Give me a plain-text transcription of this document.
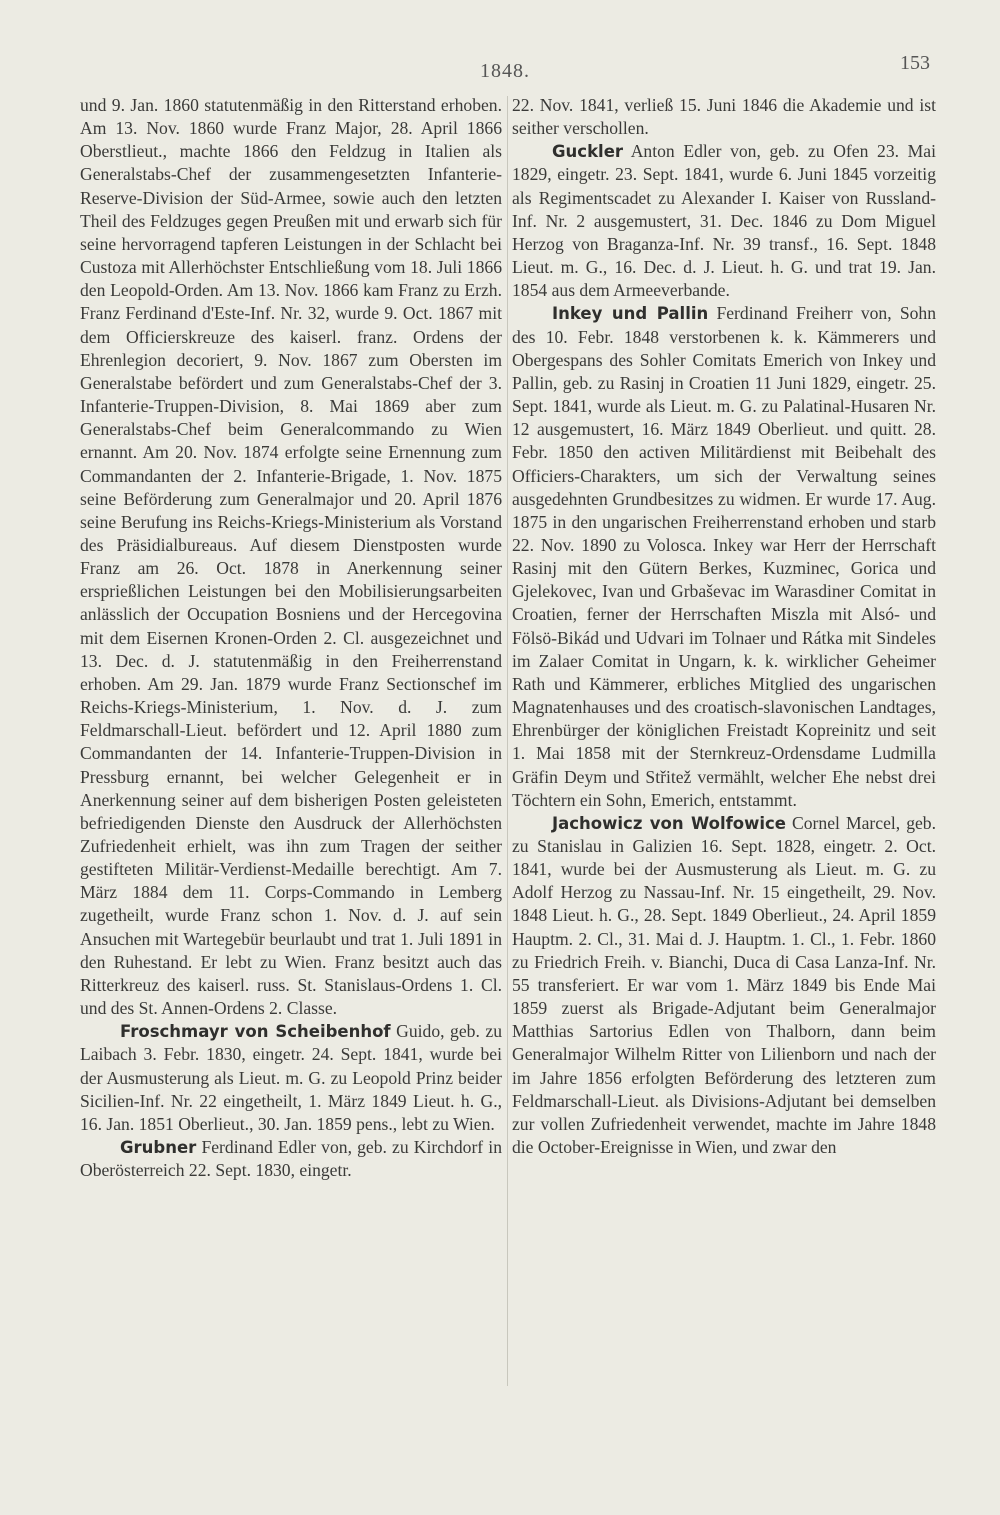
1848.	153

und 9. Jan. 1860 statutenmäßig in den Ritterstand erhoben. Am 13. Nov. 1860 wurde Franz Major, 28. April 1866 Oberstlieut., machte 1866 den Feldzug in Italien als Generalstabs-Chef der zusammengesetzten Infanterie-Reserve-Division der Süd-Armee, sowie auch den letzten Theil des Feldzuges gegen Preußen mit und erwarb sich für seine hervorragend tapferen Leistungen in der Schlacht bei Custoza mit Allerhöchster Entschließung vom 18. Juli 1866 den Leopold-Orden. Am 13. Nov. 1866 kam Franz zu Erzh. Franz Ferdinand d'Este-Inf. Nr. 32, wurde 9. Oct. 1867 mit dem Officierskreuze des kaiserl. franz. Ordens der Ehrenlegion decoriert, 9. Nov. 1867 zum Obersten im Generalstabe befördert und zum Generalstabs-Chef der 3. Infanterie-Truppen-Division, 8. Mai 1869 aber zum Generalstabs-Chef beim Generalcommando zu Wien ernannt. Am 20. Nov. 1874 erfolgte seine Ernennung zum Commandanten der 2. Infanterie-Brigade, 1. Nov. 1875 seine Beförderung zum Generalmajor und 20. April 1876 seine Berufung ins Reichs-Kriegs-Ministerium als Vorstand des Präsidialbureaus. Auf diesem Dienstposten wurde Franz am 26. Oct. 1878 in Anerkennung seiner ersprießlichen Leistungen bei den Mobilisierungsarbeiten anlässlich der Occupation Bosniens und der Hercegovina mit dem Eisernen Kronen-Orden 2. Cl. ausgezeichnet und 13. Dec. d. J. statutenmäßig in den Freiherrenstand erhoben. Am 29. Jan. 1879 wurde Franz Sectionschef im Reichs-Kriegs-Ministerium, 1. Nov. d. J. zum Feldmarschall-Lieut. befördert und 12. April 1880 zum Commandanten der 14. Infanterie-Truppen-Division in Pressburg ernannt, bei welcher Gelegenheit er in Anerkennung seiner auf dem bisherigen Posten geleisteten befriedigenden Dienste den Ausdruck der Allerhöchsten Zufriedenheit erhielt, was ihn zum Tragen der seither gestifteten Militär-Verdienst-Medaille berechtigt. Am 7. März 1884 dem 11. Corps-Commando in Lemberg zugetheilt, wurde Franz schon 1. Nov. d. J. auf sein Ansuchen mit Wartegebür beurlaubt und trat 1. Juli 1891 in den Ruhestand. Er lebt zu Wien. Franz besitzt auch das Ritterkreuz des kaiserl. russ. St. Stanislaus-Ordens 1. Cl. und des St. Annen-Ordens 2. Classe.

Froschmayr von Scheibenhof Guido, geb. zu Laibach 3. Febr. 1830, eingetr. 24. Sept. 1841, wurde bei der Ausmusterung als Lieut. m. G. zu Leopold Prinz beider Sicilien-Inf. Nr. 22 eingetheilt, 1. März 1849 Lieut. h. G., 16. Jan. 1851 Oberlieut., 30. Jan. 1859 pens., lebt zu Wien.

Grubner Ferdinand Edler von, geb. zu Kirchdorf in Oberösterreich 22. Sept. 1830, eingetr.

22. Nov. 1841, verließ 15. Juni 1846 die Akademie und ist seither verschollen.

Guckler Anton Edler von, geb. zu Ofen 23. Mai 1829, eingetr. 23. Sept. 1841, wurde 6. Juni 1845 vorzeitig als Regimentscadet zu Alexander I. Kaiser von Russland-Inf. Nr. 2 ausgemustert, 31. Dec. 1846 zu Dom Miguel Herzog von Braganza-Inf. Nr. 39 transf., 16. Sept. 1848 Lieut. m. G., 16. Dec. d. J. Lieut. h. G. und trat 19. Jan. 1854 aus dem Armeeverbande.

Inkey und Pallin Ferdinand Freiherr von, Sohn des 10. Febr. 1848 verstorbenen k. k. Kämmerers und Obergespans des Sohler Comitats Emerich von Inkey und Pallin, geb. zu Rasinj in Croatien 11 Juni 1829, eingetr. 25. Sept. 1841, wurde als Lieut. m. G. zu Palatinal-Husaren Nr. 12 ausgemustert, 16. März 1849 Oberlieut. und quitt. 28. Febr. 1850 den activen Militärdienst mit Beibehalt des Officiers-Charakters, um sich der Verwaltung seines ausgedehnten Grundbesitzes zu widmen. Er wurde 17. Aug. 1875 in den ungarischen Freiherrenstand erhoben und starb 22. Nov. 1890 zu Volosca. Inkey war Herr der Herrschaft Rasinj mit den Gütern Berkes, Kuzminec, Gorica und Gjelekovec, Ivan und Grbaševac im Warasdiner Comitat in Croatien, ferner der Herrschaften Miszla mit Alsó- und Fölsö-Bikád und Udvari im Tolnaer und Rátka mit Sindeles im Zalaer Comitat in Ungarn, k. k. wirklicher Geheimer Rath und Kämmerer, erbliches Mitglied des ungarischen Magnatenhauses und des croatisch-slavonischen Landtages, Ehrenbürger der königlichen Freistadt Kopreinitz und seit 1. Mai 1858 mit der Sternkreuz-Ordensdame Ludmilla Gräfin Deym und Střitež vermählt, welcher Ehe nebst drei Töchtern ein Sohn, Emerich, entstammt.

Jachowicz von Wolfowice Cornel Marcel, geb. zu Stanislau in Galizien 16. Sept. 1828, eingetr. 2. Oct. 1841, wurde bei der Ausmusterung als Lieut. m. G. zu Adolf Herzog zu Nassau-Inf. Nr. 15 eingetheilt, 29. Nov. 1848 Lieut. h. G., 28. Sept. 1849 Oberlieut., 24. April 1859 Hauptm. 2. Cl., 31. Mai d. J. Hauptm. 1. Cl., 1. Febr. 1860 zu Friedrich Freih. v. Bianchi, Duca di Casa Lanza-Inf. Nr. 55 transferiert. Er war vom 1. März 1849 bis Ende Mai 1859 zuerst als Brigade-Adjutant beim Generalmajor Matthias Sartorius Edlen von Thalborn, dann beim Generalmajor Wilhelm Ritter von Lilienborn und nach der im Jahre 1856 erfolgten Beförderung des letzteren zum Feldmarschall-Lieut. als Divisions-Adjutant bei demselben zur vollen Zufriedenheit verwendet, machte im Jahre 1848 die October-Ereignisse in Wien, und zwar den
